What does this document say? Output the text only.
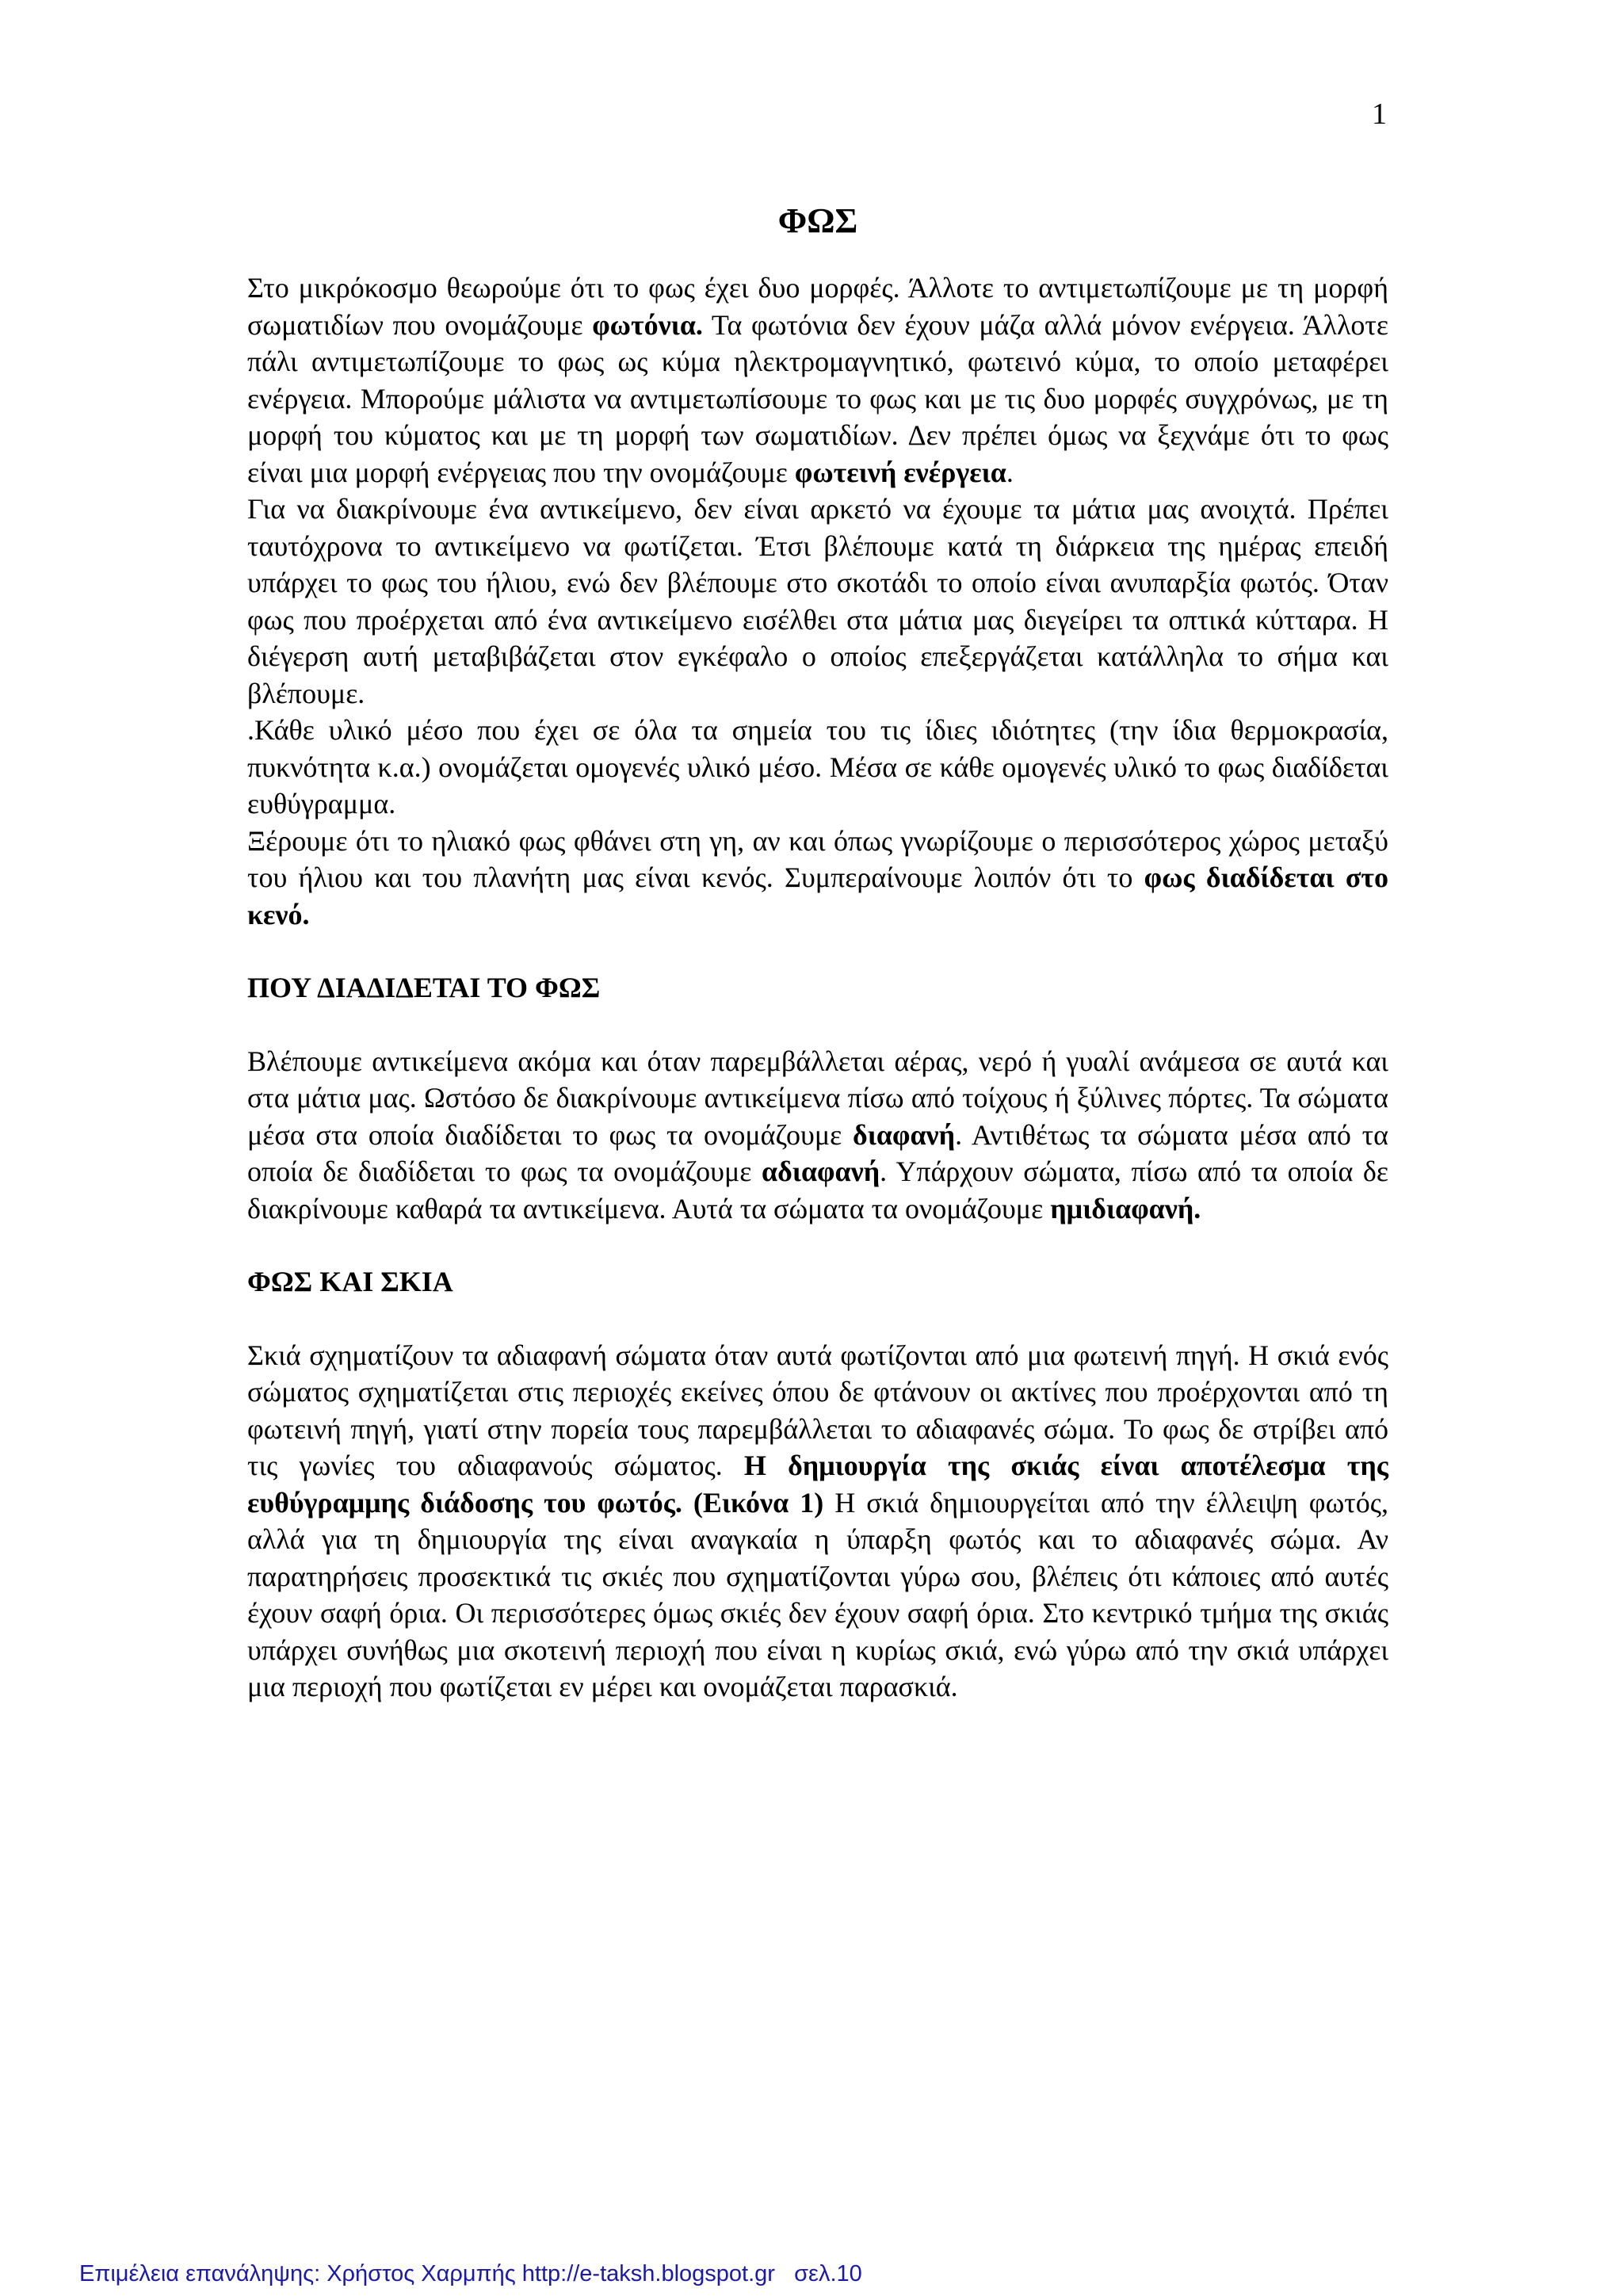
1
ΦΩΣ

Στο μικρόκοσμο θεωρούμε ότι το φως έχει δυο μορφές. Άλλοτε το αντιμετωπίζουμε με τη μορφή σωματιδίων που ονομάζουμε φωτόνια. Τα φωτόνια δεν έχουν μάζα αλλά μόνον ενέργεια. Άλλοτε πάλι αντιμετωπίζουμε το φως ως κύμα ηλεκτρομαγνητικό, φωτεινό κύμα, το οποίο μεταφέρει ενέργεια. Μπορούμε μάλιστα να αντιμετωπίσουμε το φως και με τις δυο μορφές συγχρόνως, με τη μορφή του κύματος και με τη μορφή των σωματιδίων. Δεν πρέπει όμως να ξεχνάμε ότι το φως είναι μια μορφή ενέργειας που την ονομάζουμε φωτεινή ενέργεια.

Για να διακρίνουμε ένα αντικείμενο, δεν είναι αρκετό να έχουμε τα μάτια μας ανοιχτά. Πρέπει ταυτόχρονα το αντικείμενο να φωτίζεται. Έτσι βλέπουμε κατά τη διάρκεια της ημέρας επειδή υπάρχει το φως του ήλιου, ενώ δεν βλέπουμε στο σκοτάδι το οποίο είναι ανυπαρξία φωτός. Όταν φως που προέρχεται από ένα αντικείμενο εισέλθει στα μάτια μας διεγείρει τα οπτικά κύτταρα. Η διέγερση αυτή μεταβιβάζεται στον εγκέφαλο ο οποίος επεξεργάζεται κατάλληλα το σήμα και βλέπουμε.

.Κάθε υλικό μέσο που έχει σε όλα τα σημεία του τις ίδιες ιδιότητες (την ίδια θερμοκρασία, πυκνότητα κ.α.) ονομάζεται ομογενές υλικό μέσο. Μέσα σε κάθε ομογενές υλικό το φως διαδίδεται ευθύγραμμα.

Ξέρουμε ότι το ηλιακό φως φθάνει στη γη, αν και όπως γνωρίζουμε ο περισσότερος χώρος μεταξύ του ήλιου και του πλανήτη μας είναι κενός. Συμπεραίνουμε λοιπόν ότι το φως διαδίδεται στο κενό.

ΠΟΥ ΔΙΑΔΙΔΕΤΑΙ ΤΟ ΦΩΣ

Βλέπουμε αντικείμενα ακόμα και όταν παρεμβάλλεται αέρας, νερό ή γυαλί ανάμεσα σε αυτά και στα μάτια μας. Ωστόσο δε διακρίνουμε αντικείμενα πίσω από τοίχους ή ξύλινες πόρτες. Τα σώματα μέσα στα οποία διαδίδεται το φως τα ονομάζουμε διαφανή. Αντιθέτως τα σώματα μέσα από τα οποία δε διαδίδεται το φως τα ονομάζουμε αδιαφανή. Υπάρχουν σώματα, πίσω από τα οποία δε διακρίνουμε καθαρά τα αντικείμενα. Αυτά τα σώματα τα ονομάζουμε ημιδιαφανή.

ΦΩΣ ΚΑΙ ΣΚΙΑ

Σκιά σχηματίζουν τα αδιαφανή σώματα όταν αυτά φωτίζονται από μια φωτεινή πηγή. Η σκιά ενός σώματος σχηματίζεται στις περιοχές εκείνες όπου δε φτάνουν οι ακτίνες που προέρχονται από τη φωτεινή πηγή, γιατί στην πορεία τους παρεμβάλλεται το αδιαφανές σώμα. Το φως δε στρίβει από τις γωνίες του αδιαφανούς σώματος. Η δημιουργία της σκιάς είναι αποτέλεσμα της ευθύγραμμης διάδοσης του φωτός. (Εικόνα 1) Η σκιά δημιουργείται από την έλλειψη φωτός, αλλά για τη δημιουργία της είναι αναγκαία η ύπαρξη φωτός και το αδιαφανές σώμα. Αν παρατηρήσεις προσεκτικά τις σκιές που σχηματίζονται γύρω σου, βλέπεις ότι κάποιες από αυτές έχουν σαφή όρια. Οι περισσότερες όμως σκιές δεν έχουν σαφή όρια. Στο κεντρικό τμήμα της σκιάς υπάρχει συνήθως μια σκοτεινή περιοχή που είναι η κυρίως σκιά, ενώ γύρω από την σκιά υπάρχει μια περιοχή που φωτίζεται εν μέρει και ονομάζεται παρασκιά.

Επιμέλεια επανάληψης: Χρήστος Χαρμπής http://e-taksh.blogspot.gr   σελ.10
